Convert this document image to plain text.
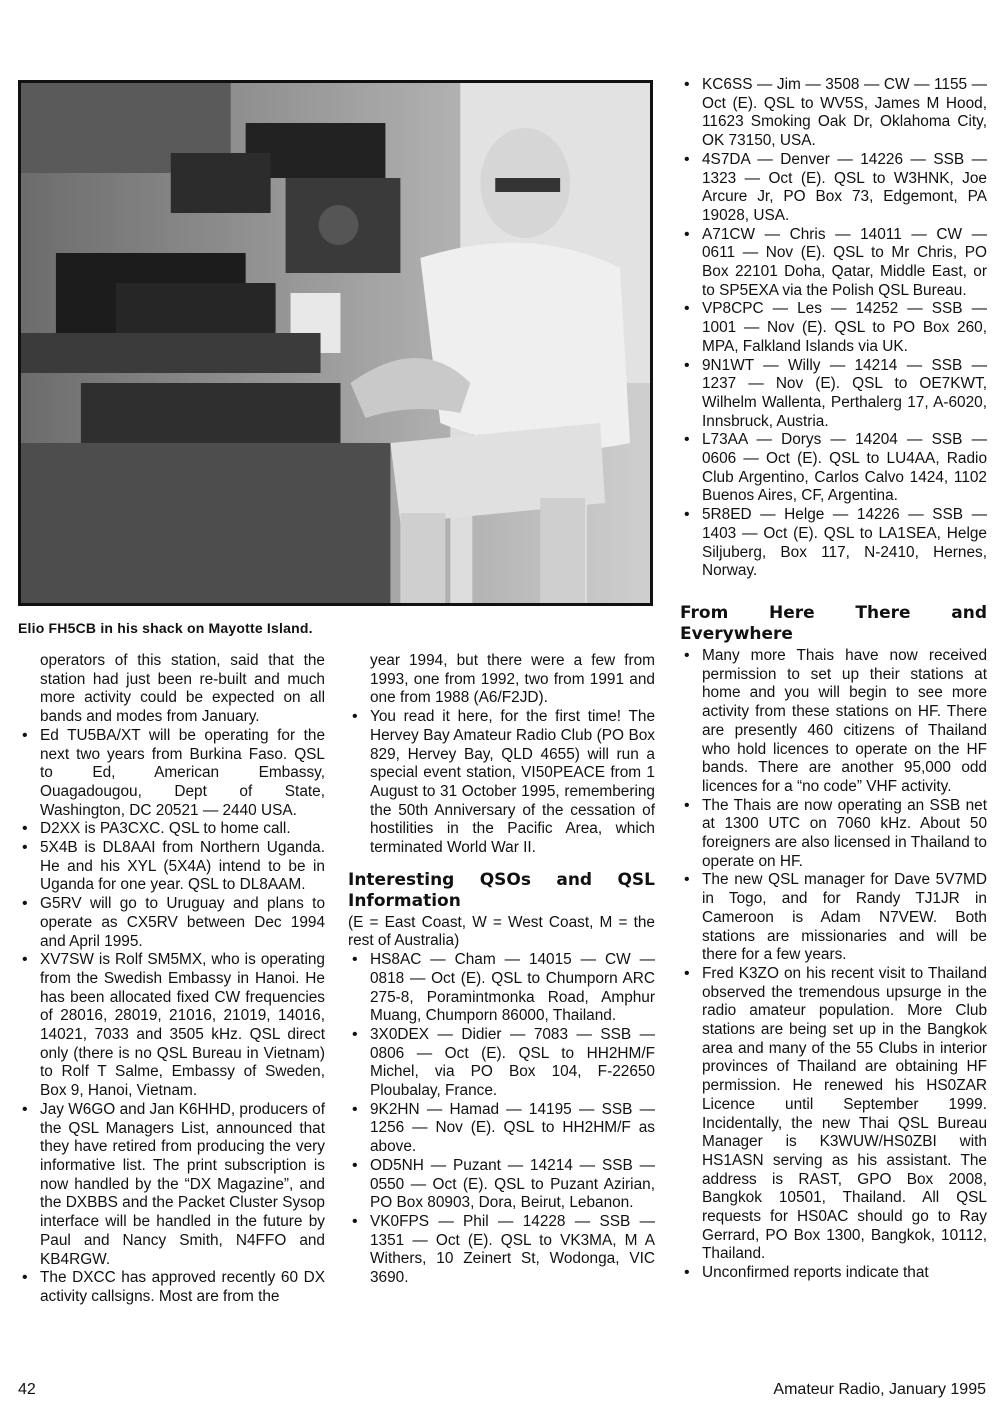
Elio FH5CB in his shack on Mayotte Island.

operators of this station, said that the station had just been re-built and much more activity could be expected on all bands and modes from January.

• Ed TU5BA/XT will be operating for the next two years from Burkina Faso. QSL to Ed, American Embassy, Ouagadougou, Dept of State, Washington, DC 20521 — 2440 USA.
• D2XX is PA3CXC. QSL to home call.
• 5X4B is DL8AAI from Northern Uganda. He and his XYL (5X4A) intend to be in Uganda for one year. QSL to DL8AAM.
• G5RV will go to Uruguay and plans to operate as CX5RV between Dec 1994 and April 1995.
• XV7SW is Rolf SM5MX, who is operating from the Swedish Embassy in Hanoi. He has been allocated fixed CW frequencies of 28016, 28019, 21016, 21019, 14016, 14021, 7033 and 3505 kHz. QSL direct only (there is no QSL Bureau in Vietnam) to Rolf T Salme, Embassy of Sweden, Box 9, Hanoi, Vietnam.
• Jay W6GO and Jan K6HHD, producers of the QSL Managers List, announced that they have retired from producing the very informative list. The print subscription is now handled by the “DX Magazine”, and the DXBBS and the Packet Cluster Sysop interface will be handled in the future by Paul and Nancy Smith, N4FFO and KB4RGW.
• The DXCC has approved recently 60 DX activity callsigns. Most are from the

year 1994, but there were a few from 1993, one from 1992, two from 1991 and one from 1988 (A6/F2JD).

• You read it here, for the first time! The Hervey Bay Amateur Radio Club (PO Box 829, Hervey Bay, QLD 4655) will run a special event station, VI50PEACE from 1 August to 31 October 1995, remembering the 50th Anniversary of the cessation of hostilities in the Pacific Area, which terminated World War II.
Interesting QSOs and QSL Information

(E = East Coast, W = West Coast, M = the rest of Australia)

• HS8AC — Cham — 14015 — CW — 0818 — Oct (E). QSL to Chumporn ARC 275-8, Poramintmonka Road, Amphur Muang, Chumporn 86000, Thailand.
• 3X0DEX — Didier — 7083 — SSB — 0806 — Oct (E). QSL to HH2HM/F Michel, via PO Box 104, F-22650 Ploubalay, France.
• 9K2HN — Hamad — 14195 — SSB — 1256 — Nov (E). QSL to HH2HM/F as above.
• OD5NH — Puzant — 14214 — SSB — 0550 — Oct (E). QSL to Puzant Azirian, PO Box 80903, Dora, Beirut, Lebanon.
• VK0FPS — Phil — 14228 — SSB — 1351 — Oct (E). QSL to VK3MA, M A Withers, 10 Zeinert St, Wodonga, VIC 3690.
• KC6SS — Jim — 3508 — CW — 1155 — Oct (E). QSL to WV5S, James M Hood, 11623 Smoking Oak Dr, Oklahoma City, OK 73150, USA.
• 4S7DA — Denver — 14226 — SSB — 1323 — Oct (E). QSL to W3HNK, Joe Arcure Jr, PO Box 73, Edgemont, PA 19028, USA.
• A71CW — Chris — 14011 — CW — 0611 — Nov (E). QSL to Mr Chris, PO Box 22101 Doha, Qatar, Middle East, or to SP5EXA via the Polish QSL Bureau.
• VP8CPC — Les — 14252 — SSB — 1001 — Nov (E). QSL to PO Box 260, MPA, Falkland Islands via UK.
• 9N1WT — Willy — 14214 — SSB — 1237 — Nov (E). QSL to OE7KWT, Wilhelm Wallenta, Perthalerg 17, A-6020, Innsbruck, Austria.
• L73AA — Dorys — 14204 — SSB — 0606 — Oct (E). QSL to LU4AA, Radio Club Argentino, Carlos Calvo 1424, 1102 Buenos Aires, CF, Argentina.
• 5R8ED — Helge — 14226 — SSB — 1403 — Oct (E). QSL to LA1SEA, Helge Siljuberg, Box 117, N-2410, Hernes, Norway.
From Here There and Everywhere
• Many more Thais have now received permission to set up their stations at home and you will begin to see more activity from these stations on HF. There are presently 460 citizens of Thailand who hold licences to operate on the HF bands. There are another 95,000 odd licences for a “no code” VHF activity.
• The Thais are now operating an SSB net at 1300 UTC on 7060 kHz. About 50 foreigners are also licensed in Thailand to operate on HF.
• The new QSL manager for Dave 5V7MD in Togo, and for Randy TJ1JR in Cameroon is Adam N7VEW. Both stations are missionaries and will be there for a few years.
• Fred K3ZO on his recent visit to Thailand observed the tremendous upsurge in the radio amateur population. More Club stations are being set up in the Bangkok area and many of the 55 Clubs in interior provinces of Thailand are obtaining HF permission. He renewed his HS0ZAR Licence until September 1999. Incidentally, the new Thai QSL Bureau Manager is K3WUW/HS0ZBI with HS1ASN serving as his assistant. The address is RAST, GPO Box 2008, Bangkok 10501, Thailand. All QSL requests for HS0AC should go to Ray Gerrard, PO Box 1300, Bangkok, 10112, Thailand.
• Unconfirmed reports indicate that
42	Amateur Radio, January 1995
